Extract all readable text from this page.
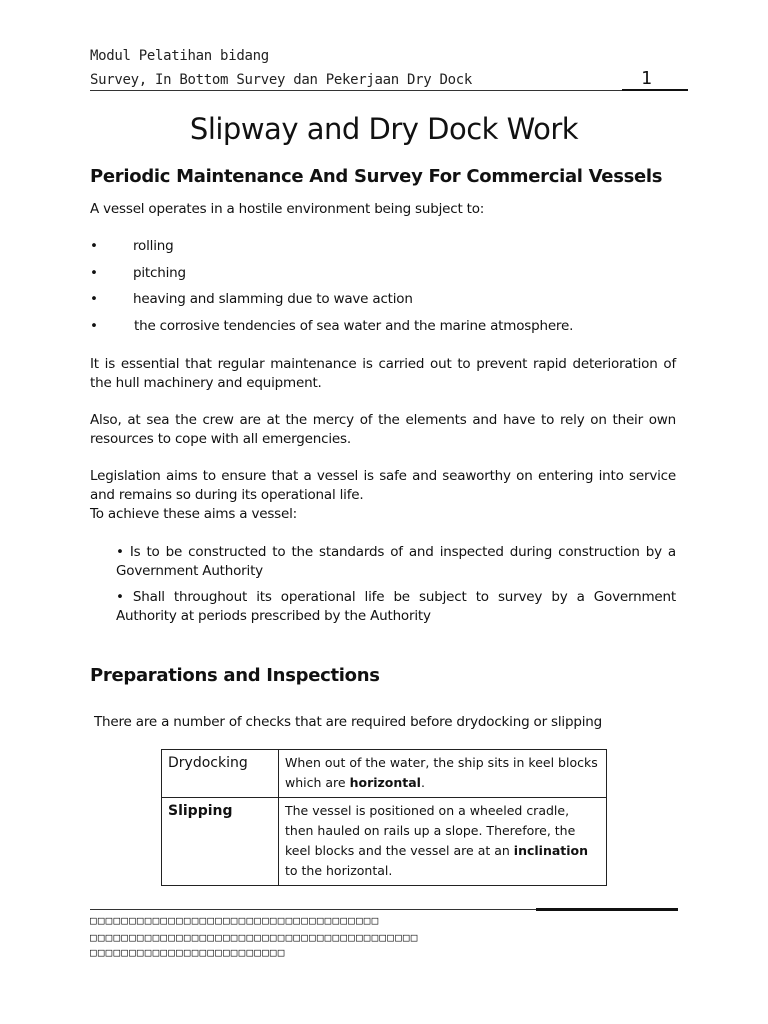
Modul Pelatihan bidang
Survey, In Bottom Survey dan Pekerjaan Dry Dock	1
Slipway and Dry Dock Work
Periodic Maintenance And Survey For Commercial Vessels
A vessel operates in a hostile environment being subject to:
•	rolling
•	pitching
•	heaving and slamming due to wave action
•	the corrosive tendencies of sea water and the marine atmosphere.
It is essential that regular maintenance is carried out to prevent rapid deterioration of the hull machinery and equipment.
Also, at sea the crew are at the mercy of the elements and have to rely on their own resources to cope with all emergencies.
Legislation aims to ensure that a vessel is safe and seaworthy on entering into service and remains so during its operational life.
To achieve these aims a vessel:
• Is to be constructed to the standards of and inspected during construction by a Government Authority
• Shall throughout its operational life be subject to survey by a Government Authority at periods prescribed by the Authority
Preparations and Inspections
There are a number of checks that are required before drydocking or slipping
Drydocking	When out of the water, the ship sits in keel blocks which are horizontal.
Slipping	The vessel is positioned on a wheeled cradle, then hauled on rails up a slope. Therefore, the keel blocks and the vessel are at an inclination to the horizontal.
□□□□□□□□□□□□□□□□□□□□□□□□□□□□□□□□□□□□□
□□□□□□□□□□□□□□□□□□□□□□□□□□□□□□□□□□□□□□□□□□
□□□□□□□□□□□□□□□□□□□□□□□□□
